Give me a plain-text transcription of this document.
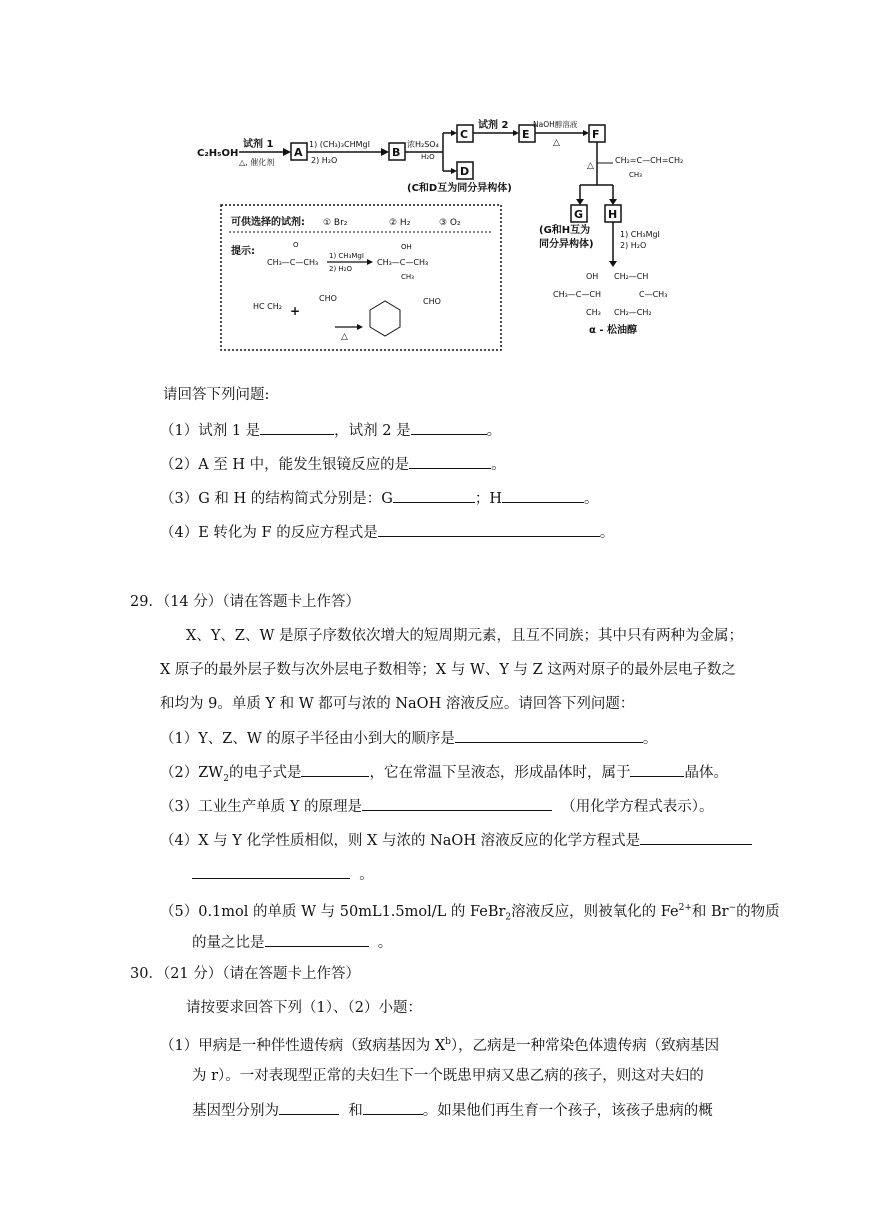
C₂H₅OH
试剂 1
△, 催化剂
A
1) (CH₃)₃CHMgI
2) H₂O
B
浓H₂SO₄
H₂O
C
D
(C和D互为同分异构体)
试剂 2
E
NaOH醇溶液
△
F
△
CH₂=C—CH=CH₂
CH₃
G H
(G和H互为
同分异构体)
1) CH₃MgI
2) H₂O
OH CH₂—CH
CH₃—C—CH	C—CH₃
CH₃ CH₂—CH₂
α - 松油醇
可供选择的试剂: ① Br₂	② H₂	③ O₂
提示:
O
CH₃—C—CH₃
1) CH₃MgI
2) H₂O
OH
CH₃—C—CH₃
CH₃
HC CH₂ +
CHO
△
CHO
请回答下列问题:
（1）试剂 1 是	，试剂 2 是	。
（2）A 至 H 中，能发生银镜反应的是	。
（3）G 和 H 的结构简式分别是：G	；H	。
（4）E 转化为 F 的反应方程式是	。
29．（14 分）（请在答题卡上作答）
X、Y、Z、W 是原子序数依次增大的短周期元素，且互不同族；其中只有两种为金属；
X 原子的最外层子数与次外层电子数相等；X 与 W、Y 与 Z 这两对原子的最外层电子数之
和均为 9。单质 Y 和 W 都可与浓的 NaOH 溶液反应。请回答下列问题：
（1）Y、Z、W 的原子半径由小到大的顺序是	。
$(2)ZW_2$的电子式是	，它在常温下呈液态，形成晶体时，属于	晶体。
（3）工业生产单质 Y 的原理是	（用化学方程式表示）。
（4）X 与 Y 化学性质相似，则 X 与浓的 NaOH 溶液反应的化学方程式是
。
（5）0.1mol 的单质 W 与 50mL1.5mol/L 的 FeBr$_2$溶液反应，则被氧化的 $Fe^{2+}$和 Br−的物质
的量之比是	。
30．（21 分）（请在答题卡上作答）
请按要求回答下列（1）、（2）小题：
（1）甲病是一种伴性遗传病（致病基因为 $X^b$），乙病是一种常染色体遗传病（致病基因
为 r）。一对表现型正常的夫妇生下一个既患甲病又患乙病的孩子，则这对夫妇的
基因型分别为	和	。如果他们再生育一个孩子，该孩子患病的概
